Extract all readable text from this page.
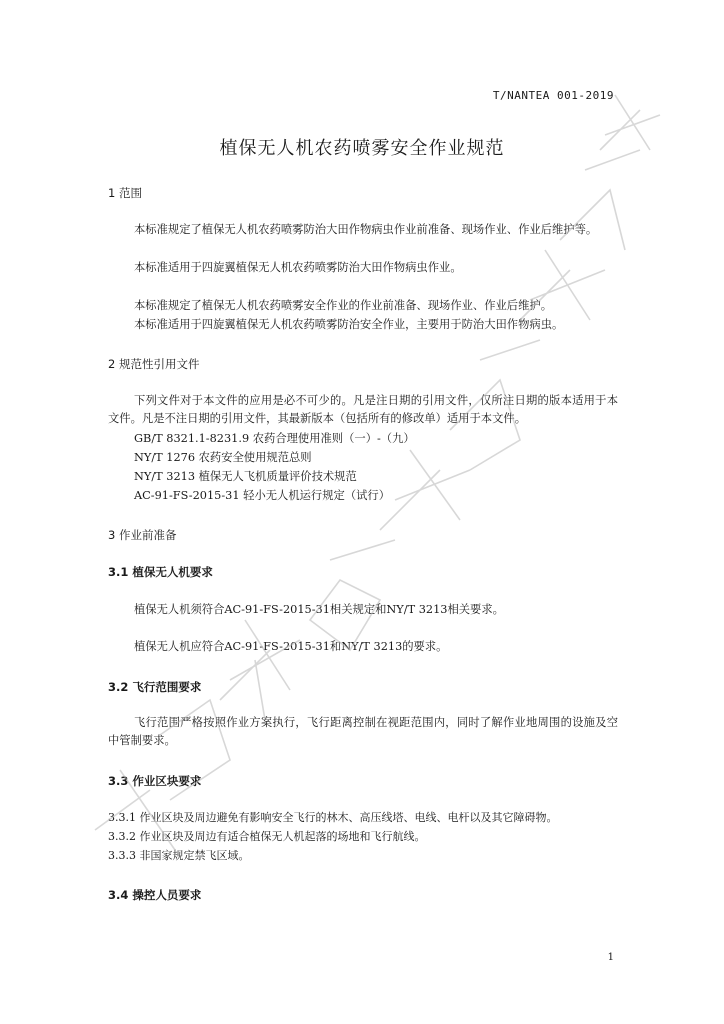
T/NANTEA 001-2019
植保无人机农药喷雾安全作业规范
1 范围
本标准规定了植保无人机农药喷雾防治大田作物病虫作业前准备、现场作业、作业后维护等。
本标准适用于四旋翼植保无人机农药喷雾防治大田作物病虫作业。
本标准规定了植保无人机农药喷雾安全作业的作业前准备、现场作业、作业后维护。
本标准适用于四旋翼植保无人机农药喷雾防治安全作业，主要用于防治大田作物病虫。
2 规范性引用文件
下列文件对于本文件的应用是必不可少的。凡是注日期的引用文件，仅所注日期的版本适用于本文件。凡是不注日期的引用文件，其最新版本（包括所有的修改单）适用于本文件。
GB/T 8321.1-8231.9 农药合理使用准则（一）-（九）
NY/T 1276 农药安全使用规范总则
NY/T 3213 植保无人飞机质量评价技术规范
AC-91-FS-2015-31 轻小无人机运行规定（试行）
3 作业前准备
3.1 植保无人机要求
植保无人机须符合AC-91-FS-2015-31相关规定和NY/T 3213相关要求。
植保无人机应符合AC-91-FS-2015-31和NY/T 3213的要求。
3.2 飞行范围要求
飞行范围严格按照作业方案执行，飞行距离控制在视距范围内，同时了解作业地周围的设施及空中管制要求。
3.3 作业区块要求
3.3.1 作业区块及周边避免有影响安全飞行的林木、高压线塔、电线、电杆以及其它障碍物。
3.3.2 作业区块及周边有适合植保无人机起落的场地和飞行航线。
3.3.3 非国家规定禁飞区域。
3.4 操控人员要求
1
